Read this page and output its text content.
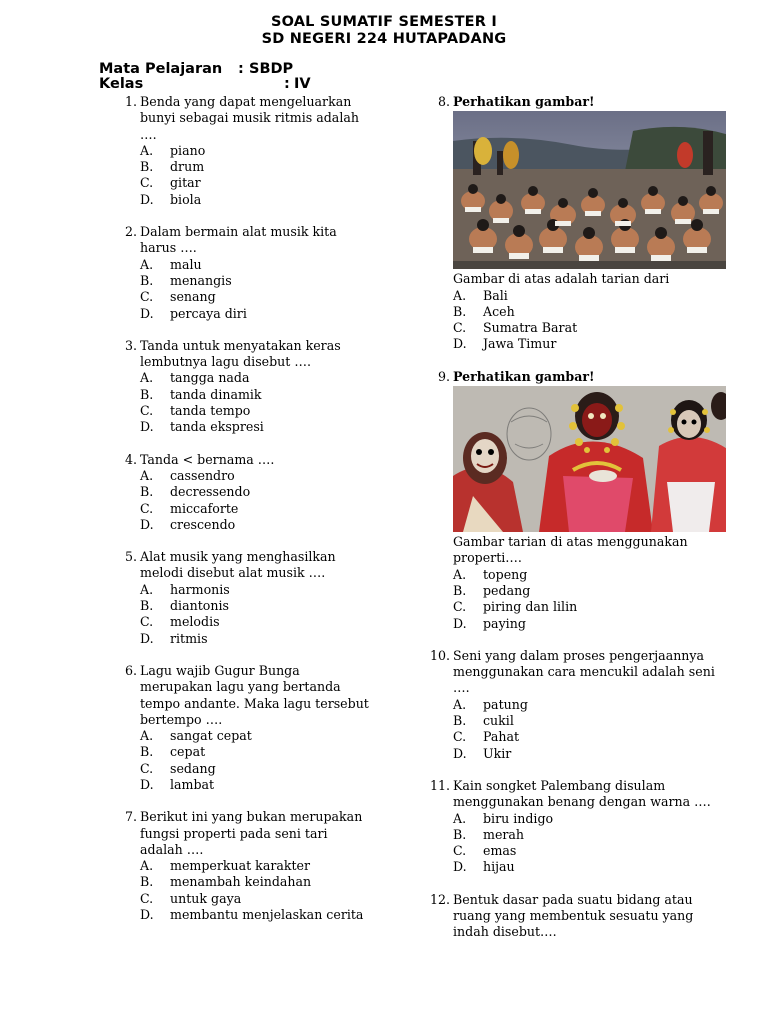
SOAL SUMATIF SEMESTER I
SD NEGERI 224 HUTAPADANG
Mata Pelajaran : SBDP
Kelas	: IV
1. Benda yang dapat mengeluarkan bunyi sebagai musik ritmis adalah ….
A. piano
B. drum
C. gitar
D. biola
2. Dalam bermain alat musik kita harus ….
A. malu
B. menangis
C. senang
D. percaya diri
3. Tanda untuk menyatakan keras lembutnya lagu disebut ….
A. tangga nada
B. tanda dinamik
C. tanda tempo
D. tanda ekspresi
4. Tanda < bernama ….
A. cassendro
B. decressendo
C. miccaforte
D. crescendo
5. Alat musik yang menghasilkan melodi disebut alat musik ….
A. harmonis
B. diantonis
C. melodis
D. ritmis
6. Lagu wajib Gugur Bunga merupakan lagu yang bertanda tempo andante. Maka lagu tersebut bertempo ….
A. sangat cepat
B. cepat
C. sedang
D. lambat
7. Berikut ini yang bukan merupakan fungsi properti pada seni tari adalah ….
A. memperkuat karakter
B. menambah keindahan
C. untuk gaya
D. membantu menjelaskan cerita
8. Perhatikan gambar!
Gambar di atas adalah tarian dari
A. Bali
B. Aceh
C. Sumatra Barat
D. Jawa Timur
9. Perhatikan gambar!
Gambar tarian di atas menggunakan properti….
A. topeng
B. pedang
C. piring dan lilin
D. paying
10. Seni yang dalam proses pengerjaannya menggunakan cara mencukil adalah seni ….
A. patung
B. cukil
C. Pahat
D. Ukir
11. Kain songket Palembang disulam menggunakan benang dengan warna ….
A. biru indigo
B. merah
C. emas
D. hijau
12. Bentuk dasar pada suatu bidang atau ruang yang membentuk sesuatu yang indah disebut….
